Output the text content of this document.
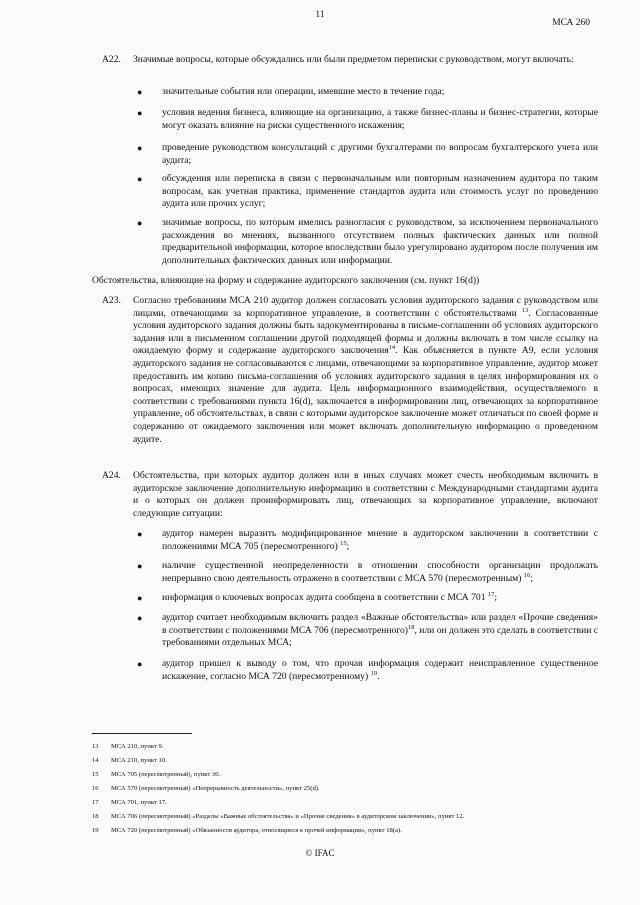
11
МСА 260
A22. Значимые вопросы, которые обсуждались или были предметом переписки с руководством, могут включать:
● значительные события или операции, имевшие место в течение года;
● условия ведения бизнеса, влияющие на организацию, а также бизнес-планы и бизнес-стратегии, которые могут оказать влияние на риски существенного искажения;
● проведение руководством консультаций с другими бухгалтерами по вопросам бухгалтерского учета или аудита;
● обсуждения или переписка в связи с первоначальным или повторным назначением аудитора по таким вопросам, как учетная практика, применение стандартов аудита или стоимость услуг по проведению аудита или прочих услуг;
● значимые вопросы, по которым имелись разногласия с руководством, за исключением первоначального расхождения во мнениях, вызванного отсутствием полных фактических данных или полной предварительной информации, которое впоследствии было урегулировано аудитором после получения им дополнительных фактических данных или информации.
Обстоятельства, влияющие на форму и содержание аудиторского заключения (см. пункт 16(d))
A23. Согласно требованиям МСА 210 аудитор должен согласовать условия аудиторского задания с руководством или лицами, отвечающими за корпоративное управление, в соответствии с обстоятельствами $^{13}$. Согласованные условия аудиторского задания должны быть задокументированы в письме-соглашении об условиях аудиторского задания или в письменном соглашении другой подходящей формы и должны включать в том числе ссылку на ожидаемую форму и содержание аудиторского заключения$^{14}$. Как объясняется в пункте A9, если условия аудиторского задания не согласовываются с лицами, отвечающими за корпоративное управление, аудитор может предоставить им копию письма-соглашения об условиях аудиторского задания в целях информирования их о вопросах, имеющих значение для аудита. Цель информационного взаимодействия, осуществляемого в соответствии с требованиями пункта 16(d), заключается в информировании лиц, отвечающих за корпоративное управление, об обстоятельствах, в связи с которыми аудиторское заключение может отличаться по своей форме и содержанию от ожидаемого заключения или может включать дополнительную информацию о проведенном аудите.
A24. Обстоятельства, при которых аудитор должен или в иных случаях может счесть необходимым включить в аудиторское заключение дополнительную информацию в соответствии с Международными стандартами аудита и о которых он должен проинформировать лиц, отвечающих за корпоративное управление, включают следующие ситуации:
● аудитор намерен выразить модифицированное мнение в аудиторском заключении в соответствии с положениями МСА 705 (пересмотренного) $^{15}$;
● наличие существенной неопределенности в отношении способности организации продолжать непрерывно свою деятельность отражено в соответствии с МСА 570 (пересмотренным) $^{16}$;
● информация о ключевых вопросах аудита сообщена в соответствии с МСА 701 $^{17}$;
● аудитор считает необходимым включить раздел «Важные обстоятельства» или раздел «Прочие сведения» в соответствии с положениями МСА 706 (пересмотренного)$^{18}$, или он должен это сделать в соответствии с требованиями отдельных МСА;
● аудитор пришел к выводу о том, что прочая информация содержит неисправленное существенное искажение, согласно МСА 720 (пересмотренному) $^{19}$.
13 МСА 210, пункт 9.
14 МСА 210, пункт 10.
15 МСА 705 (пересмотренный), пункт 30.
16 МСА 570 (пересмотренный) «Непрерывность деятельности», пункт 25(d).
17 МСА 701, пункт 17.
18 МСА 706 (пересмотренный) «Разделы «Важные обстоятельства» и «Прочие сведения» в аудиторском заключении», пункт 12.
19 МСА 720 (пересмотренный) «Обязанности аудитора, относящиеся к прочей информации», пункт 18(a).
© IFAC
